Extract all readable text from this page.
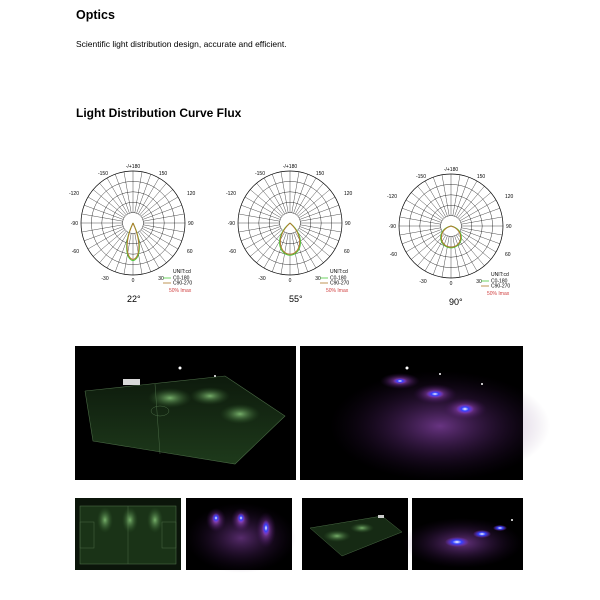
Optics
Scientific light distribution design, accurate and efficient.
Light Distribution Curve Flux
-/+180
-150	150
-120	120
-90	90
-60	60
-30	30
0
UNIT:cd
C0-180
C90-270
50% Imax
-/+180
-150	150
-120	120
-90	90
-60	60
-30	30
0
UNIT:cd
C0-180
C90-270
50% Imax
-/+180
-150	150
-120	120
-90	90
-60	60
-30	30
0
UNIT:cd
C0-180
C90-270
50% Imax
22°	55°	90°
